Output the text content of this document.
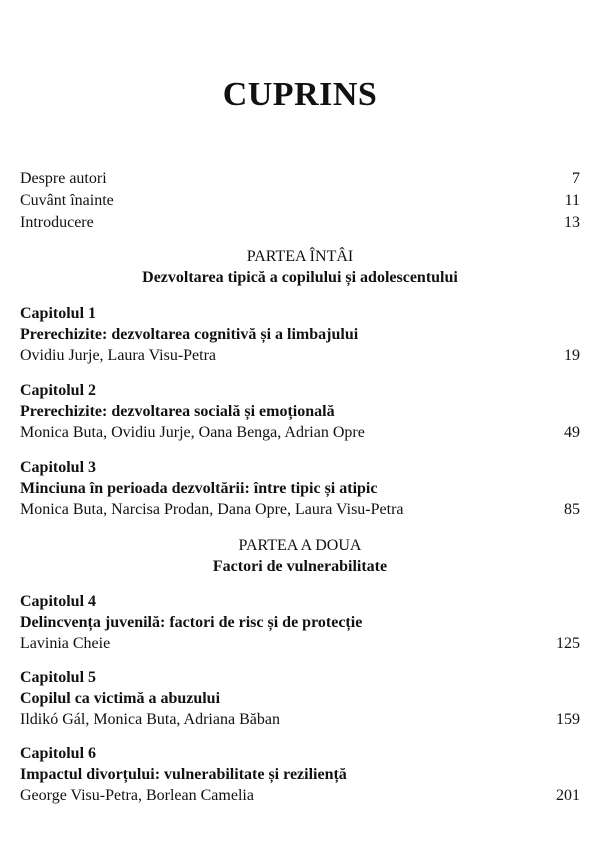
CUPRINS
Despre autori	7
Cuvânt înainte	11
Introducere	13
PARTEA ÎNTÂI
Dezvoltarea tipică a copilului și adolescentului
Capitolul 1
Prerechizite: dezvoltarea cognitivă și a limbajului
Ovidiu Jurje, Laura Visu-Petra	19
Capitolul 2
Prerechizite: dezvoltarea socială și emoțională
Monica Buta, Ovidiu Jurje, Oana Benga, Adrian Opre	49
Capitolul 3
Minciuna în perioada dezvoltării: între tipic și atipic
Monica Buta, Narcisa Prodan, Dana Opre, Laura Visu-Petra	85
PARTEA A DOUA
Factori de vulnerabilitate
Capitolul 4
Delincvența juvenilă: factori de risc și de protecție
Lavinia Cheie	125
Capitolul 5
Copilul ca victimă a abuzului
Ildikó Gál, Monica Buta, Adriana Băban	159
Capitolul 6
Impactul divorțului: vulnerabilitate și reziliență
George Visu-Petra, Borlean Camelia	201
